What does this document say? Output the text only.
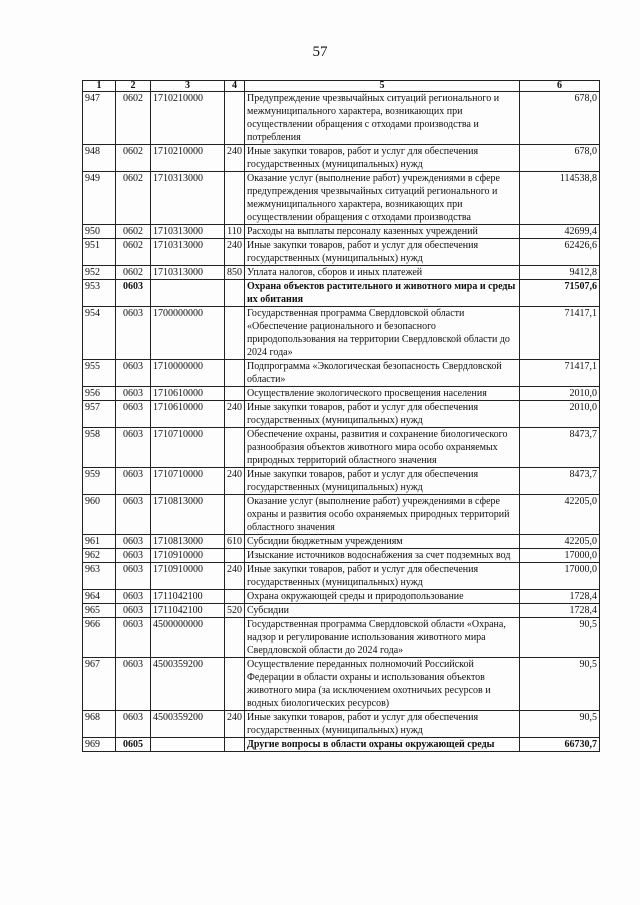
57
1	2	3	4	5	6
947	0602	1710210000		Предупреждение чрезвычайных ситуаций регионального и межмуниципального характера, возникающих при осуществлении обращения с отходами производства и потребления	678,0
948	0602	1710210000	240	Иные закупки товаров, работ и услуг для обеспечения государственных (муниципальных) нужд	678,0
949	0602	1710313000		Оказание услуг (выполнение работ) учреждениями в сфере предупреждения чрезвычайных ситуаций регионального и межмуниципального характера, возникающих при осуществлении обращения с отходами производства	114538,8
950	0602	1710313000	110	Расходы на выплаты персоналу казенных учреждений	42699,4
951	0602	1710313000	240	Иные закупки товаров, работ и услуг для обеспечения государственных (муниципальных) нужд	62426,6
952	0602	1710313000	850	Уплата налогов, сборов и иных платежей	9412,8
953	0603			Охрана объектов растительного и животного мира и среды их обитания	71507,6
954	0603	1700000000		Государственная программа Свердловской области «Обеспечение рационального и безопасного природопользования на территории Свердловской области до 2024 года»	71417,1
955	0603	1710000000		Подпрограмма «Экологическая безопасность Свердловской области»	71417,1
956	0603	1710610000		Осуществление экологического просвещения населения	2010,0
957	0603	1710610000	240	Иные закупки товаров, работ и услуг для обеспечения государственных (муниципальных) нужд	2010,0
958	0603	1710710000		Обеспечение охраны, развития и сохранение биологического разнообразия объектов животного мира особо охраняемых природных территорий областного значения	8473,7
959	0603	1710710000	240	Иные закупки товаров, работ и услуг для обеспечения государственных (муниципальных) нужд	8473,7
960	0603	1710813000		Оказание услуг (выполнение работ) учреждениями в сфере охраны и развития особо охраняемых природных территорий областного значения	42205,0
961	0603	1710813000	610	Субсидии бюджетным учреждениям	42205,0
962	0603	1710910000		Изыскание источников водоснабжения за счет подземных вод	17000,0
963	0603	1710910000	240	Иные закупки товаров, работ и услуг для обеспечения государственных (муниципальных) нужд	17000,0
964	0603	1711042100		Охрана окружающей среды и природопользование	1728,4
965	0603	1711042100	520	Субсидии	1728,4
966	0603	4500000000		Государственная программа Свердловской области «Охрана, надзор и регулирование использования животного мира Свердловской области до 2024 года»	90,5
967	0603	4500359200		Осуществление переданных полномочий Российской Федерации в области охраны и использования объектов животного мира (за исключением охотничьих ресурсов и водных биологических ресурсов)	90,5
968	0603	4500359200	240	Иные закупки товаров, работ и услуг для обеспечения государственных (муниципальных) нужд	90,5
969	0605			Другие вопросы в области охраны окружающей среды	66730,7
